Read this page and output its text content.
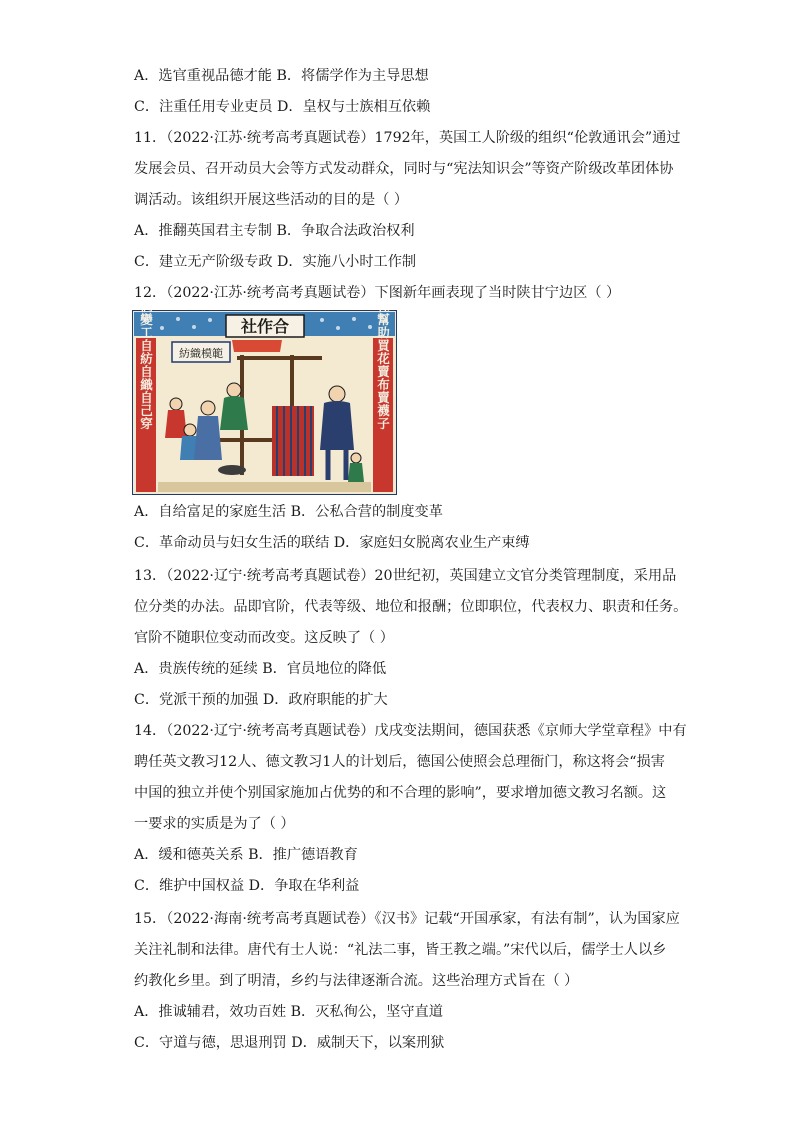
A．选官重视品德才能 B．将儒学作为主导思想
C．注重任用专业吏员 D．皇权与士族相互依赖
11．（2022·江苏·统考高考真题试卷）1792年，英国工人阶级的组织“伦敦通讯会”通过
发展会员、召开动员大会等方式发动群众，同时与“宪法知识会”等资产阶级改革团体协
调活动。该组织开展这些活动的目的是（ ）
A．推翻英国君主专制 B．争取合法政治权利
C．建立无产阶级专政 D．实施八小时工作制
12．（2022·江苏·统考高考真题试卷）下图新年画表现了当时陕甘宁边区（ ）
社作合
婦女們變工自紡自織自己穿	合作社幫助買花賣布賣襪子
紡織模範
A．自给富足的家庭生活 B．公私合营的制度变革
C．革命动员与妇女生活的联结 D．家庭妇女脱离农业生产束缚
13．（2022·辽宁·统考高考真题试卷）20世纪初，英国建立文官分类管理制度，采用品
位分类的办法。品即官阶，代表等级、地位和报酬；位即职位，代表权力、职责和任务。
官阶不随职位变动而改变。这反映了（ ）
A．贵族传统的延续 B．官员地位的降低
C．党派干预的加强 D．政府职能的扩大
14．（2022·辽宁·统考高考真题试卷）戊戌变法期间，德国获悉《京师大学堂章程》中有
聘任英文教习12人、德文教习1人的计划后，德国公使照会总理衙门，称这将会“损害
中国的独立并使个别国家施加占优势的和不合理的影响”，要求增加德文教习名额。这
一要求的实质是为了（ ）
A．缓和德英关系 B．推广德语教育
C．维护中国权益 D．争取在华利益
15．（2022·海南·统考高考真题试卷）《汉书》记载“开国承家，有法有制”，认为国家应
关注礼制和法律。唐代有士人说：“礼法二事，皆王教之端。”宋代以后，儒学士人以乡
约教化乡里。到了明清，乡约与法律逐渐合流。这些治理方式旨在（ ）
A．推诚辅君，效功百姓 B．灭私徇公，坚守直道
C．守道与德，思退刑罚 D．威制天下，以案刑狱
